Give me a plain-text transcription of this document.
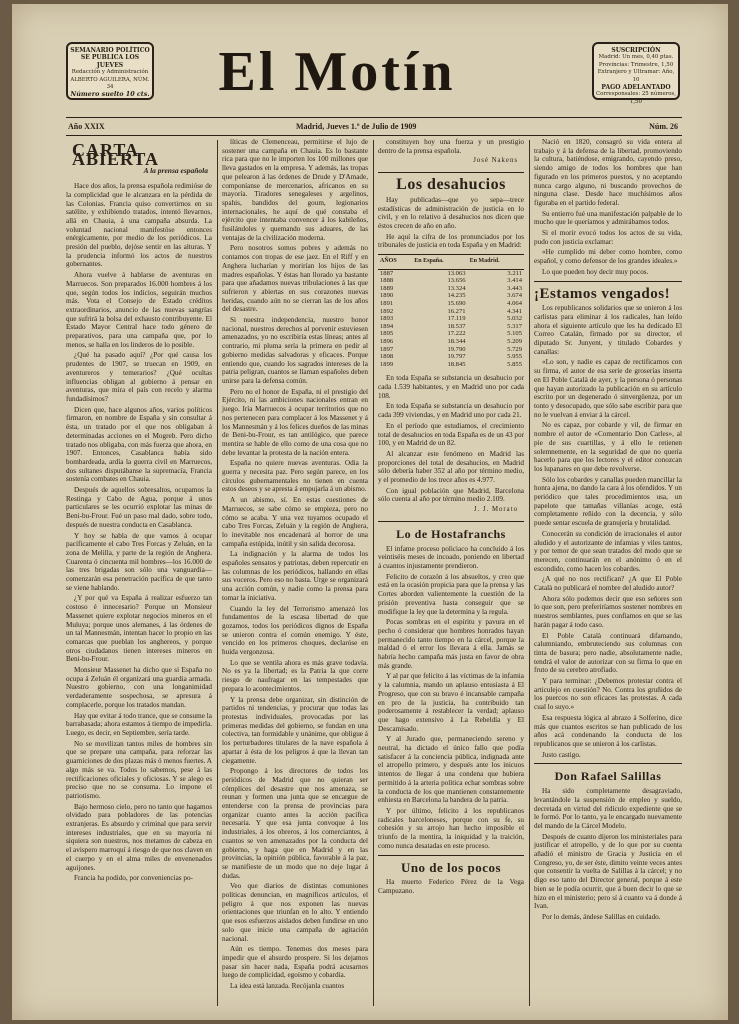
SEMANARIO POLÍTICO
SE PUBLICA LOS JUEVES
Redacción y Administración
ALBERTO AGUILERA, NÚM. 34
Número suelto 10 cts.	El Motín	SUSCRIPCIÓN
Madrid: Un mes, 0,40 ptas.
Provincias: Trimestre, 1,50
Extranjero y Ultramar: Año, 10
PAGO ADELANTADO
Corresponsales: 25 números, 1,50
Año XXIX	Madrid, Jueves 1.º de Julio de 1909	Núm. 26
CARTA ABIERTA
A la prensa española

Hace dos años, la prensa española redimióse de la complicidad que le alcanzara en la pérdida de las Colonias. Francia quiso convertirnos en su satélite, y exhibiendo tratados, intentó llevarnos, allá en Chauia, á una campaña absurda. La voluntad nacional manifestóse entonces enérgicamente, por medio de los periódicos. La presión del pueblo, dejóse sentir en las alturas. Y la prudencia informó los actos de nuestros gobernantes.

Ahora vuelve á hablarse de aventuras en Marruecos. Son preparados 16.000 hombres á los que, según todos los indicios, seguirán muchos más. Vota el Consejo de Estado créditos extraordinarios, anuncio de las nuevas sangrías que sufrirá la bolsa del exhausto contribuyente. El Estado Mayor Central hace todo género de preparativos, para una campaña que, por lo menos, se halla en los linderos de lo posible.

¿Qué ha pasado aquí? ¿Por qué causa los prudentes de 1907, se truecan en 1909, en aventureros y temerarios? ¿Qué ocultas influencias obligan al gobierno á pensar en aventuras, que mira el país con recelo y alarma fundadísimos?

Dicen que, hace algunos años, varios políticos firmaron, en nombre de España y sin consultar á ésta, un tratado por el que nos obligaban á determinadas acciones en el Mogreb. Pero dicho tratado nos obligaba, con más fuerza que ahora, en 1907. Entonces, Casablanca había sido bombardeada, ardía la guerra civil en Marruecos, dos sultanes disputábanse la supremacía, Francia sostenía combates en Chauia.

Después de aquellos sobresaltos, ocupamos la Restinga y Cabo de Agua, porque á unos particulares se les ocurrió explotar las minas de Beni-bu-Frour. Fué un paso mal dado, sobre todo, después de nuestra conducta en Casablanca.

Y hoy se habla de que vamos á ocupar pacíficamente el cabo Tres Forcas y Zeluán, en la zona de Melilla, y parte de la región de Anghera. Cuarenta ó cincuenta mil hombres—los 16.000 de las tres brigadas son sólo una vanguardia—comenzarán esa penetración pacífica de que tanto se viene hablando.

¿Y por qué va España á realizar esfuerzo tan costoso é innecesario? Porque un Monsieur Massenet quiere explotar negocios mineros en el Muluya; porque unos alemanes, á las órdenes de un tal Mannesmán, intentan hacer lo propio en las comarcas que pueblan los anghereos, y porque otros ciudadanos tienen intereses mineros en Beni-bu-Frour.

Monsieur Massenet ha dicho que si España no ocupa á Zeluán él organizará una guardia armada. Nuestro gobierno, con una longanimidad verdaderamente sospechosa, se apresura á complacerle, porque los tratados mandan.

Hay que evitar á todo trance, que se consume la barrabasada; ahora estamos á tiempo de impedirla. Luego, es decir, en Septiembre, sería tarde.

No se movilizan tantos miles de hombres sin que se prepare una campaña, para reforzar las guarniciones de dos plazas más ó menos fuertes. A algo más se va. Todos lo sabemos, pese á las rectificaciones oficiales y oficiosas. Y se alego es preciso que no se consuma. Lo impone el patriotismo.

Bajo hermoso cielo, pero no tanto que hagamos olvidado para pobladores de las potencias extranjeras. Es absurdo y criminal que para servir intereses industriales, que en su mayoría ni siquiera son nuestros, nos metamos de cabeza en el avispero marroquí á riesgo de que nos claven en el cuerpo y en el alma miles de envenenados aguijones.

Francia ha podido, por conveniencias po-

líticas de Clemenceau, permitirse el lujo de sostener una campaña en Chauia. Es lo bastante rica para que no le importen los 100 millones que lleva gastados en la empresa. Y además, las tropas que pelearon á las órdenes de Drude y D'Amade, componíanse de mercenarios, africanos en su mayoría. Tiradores senegaleses y argelinos, spahis, bandidos del goum, legionarios internacionales, he aquí de qué constaba el ejército que intentaba convencer á los kabileños, fusilándoles y quemando sus aduares, de las ventajas de la civilización moderna.

Pero nosotros somos pobres y además no contamos con tropas de ese jaez. En el Riff y en Anghera lucharían y morirían los hijos de las madres españolas. Y éstas han llorado ya bastante para que añadamos nuevas tribulaciones á las que sufrieron y abiertas en sus corazones nuevas heridas, cuando aún no se cierran las de los años del desastre.

Si nuestra independencia, nuestro honor nacional, nuestros derechos al porvenir estuviesen amenazados, yo no escribiría estas líneas; antes al contrario, mi pluma sería la primera en pedir al gobierno medidas salvadoras y eficaces. Porque entiendo que, cuando los sagrados intereses de la patria peligran, cuantos se llaman españoles deben unirse para la defensa común.

Pero no el honor de España, ni el prestigio del Ejército, ni las ambiciones nacionales entran en juego. Iría Marruecos á ocupar territorios que no nos pertenecen para complacer á los Massenet y á los Mannesmán y á los felices dueños de las minas de Beni-bu-Frour, es tan antilógico, que parece mentira se hable de ello como de una cosa que no debe levantar la protesta de la nación entera.

España no quiere nuevas aventuras. Odia la guerra y necesita paz. Pero según parece, en los círculos gubernamentales no tienen en cuenta estos deseos y se apresta á empujarla á un abismo.

A un abismo, sí. En estas cuestiones de Marruecos, se sabe cómo se empieza, pero no cómo se acaba. Y una vez tuyamos ocupado el cabo Tres Forcas, Zeluán y la región de Anghera, lo inevitable nos encadenará al horror de una campaña estúpida, inútil y sin salida decorosa.

La indignación y la alarma de todos los españoles sensatos y patriotas, deben repercutir en las columnas de los periódicos, hallando en ellas sus voceros. Pero eso no basta. Urge se organizará una acción común, y nadie como la prensa para tomar la iniciativa.

Cuando la ley del Terrorismo amenazó los fundamentos de la escasa libertad de que gozamos, todos los periódicos dignos de España se unieron contra el común enemigo. Y éste, vencido en los primeros choques, declaróse en huida vergonzosa.

Lo que se ventila ahora es más grave todavía. No es ya la libertad; es la Patria la que corre riesgo de naufragar en las tempestades que prepara lo acontecimientos.

Y la prensa debe organizar, sin distinción de partidos ni tendencias, y procurar que todas las protestas individuales, provocadas por las primeras medidas del gobierno, se fundan en una colectiva, tan formidable y unánime, que obligue á los perturbadores titulares de la nave española á apartar á ésta de los peligros á que la llevan tan ciegamente.

Propongo á los directores de todos los periódicos de Madrid que no quieran ser cómplices del desastre que nos amenaza, se reunan y formen una junta que se encargue de entenderse con la prensa de provincias para organizar cuanto antes la acción pacífica necesaria. Y que esa junta convoque á los industriales, á los obreros, á los comerciantes, á cuantos se ven amenazados por la conducta del gobierno, y haga que en Madrid y en las provincias, la opinión pública, favorable á la paz, se manifieste de un modo que no deje lugar á dudas.

Veo que diarios de distintas comuniones políticas denuncian, en magníficos artículos, el peligro á que nos exponen las nuevas orientaciones que triunfan en lo alto. Y entiendo que esos esfuerzos aislados deben fundirse en uno solo que inicie una campaña de agitación nacional.

Aún es tiempo. Tenemos dos meses para impedir que el absurdo prospere. Si los dejamos pasar sin hacer nada, España podrá acusarnos luego de complicidad, egoísmo y cobardía.

La idea está lanzada. Recójanla cuantos

constituyen hoy una fuerza y un prestigio dentro de la prensa española.

José Nakens
Los desahucios

Hay publicadas—que yo sepa—trece estadísticas de administración de justicia en lo civil, y en lo relativo á desahucios nos dicen que éstos crecen de año en año.

He aquí la cifra de los pronunciados por los tribunales de justicia en toda España y en Madrid:

AÑOS	En España.	En Madrid.
1887	13.063	3.211
1888	13.656	3.414
1889	13.324	3.443
1890	14.235	3.674
1891	15.690	4.064
1892	16.271	4.341
1893	17.119	5.032
1894	18.537	5.317
1895	17.222	5.105
1896	18.344	5.209
1897	19.790	5.729
1898	19.797	5.955
1899	18.845	5.855

En toda España se substancia un desahucio por cada 1.539 habitantes, y en Madrid uno por cada 108.

En toda España se substancia un desahucio por cada 399 viviendas, y en Madrid uno por cada 21.

En el período que estudiamos, el crecimiento total de desahucios en toda España es de un 43 por 100, y en Madrid de un 82.

Al alcanzar este fenómeno en Madrid las proporciones del total de desahucios, en Madrid sólo debería haber 352 al año por término medio, y el promedio de los trece años es 4.977.

Con igual población que Madrid, Barcelona sólo cuenta al año por término medio 2.109.

J. J. Morato
Lo de Hostafranchs

El infame proceso policiaco ha concluido á los veintiséis meses de incoado, poniendo en libertad á cuantos injustamente prendieron.

Felicito de corazón á los absueltos, y creo que está en la ocasión propicia para que la prensa y las Cortes aborden valientemente la cuestión de la prisión preventiva hasta conseguir que se modifique la ley que la determina y la regula.

Pocas sombras en el espíritu y pavura en el pecho ó considerar que hombres honrados hayan permanecido tanto tiempo en la cárcel, porque la maldad ó el error los llevara á ella. Jamás se habría hecho campaña más justa en favor de obra más grande.

Y al par que felicito á las víctimas de la infamia y la calumnia, mando un aplauso entusiasta á El Progreso, que con su bravo é incansable campaña en pro de la justicia, ha contribuido tan poderosamente á restablecer la verdad; aplauso que hago extensivo á La Rebeldía y El Descamisado.

Y al Jurado que, permaneciendo sereno y neutral, ha dictado el único fallo que podía satisfacer á la conciencia pública, indignada ante el atropello primero, y después ante los inicuos intentos de llegar á una condena que hubiera permitido á la arteria política echar sombras sobre la conducta de los que mantienen constantemente enhiesta en Barcelona la bandera de la patria.

Y por último, felicito á los republicanos radicales barceloneses, porque con su fe, su cohesión y su arrojo han hecho imposible el triunfo de la mentira, la iniquidad y la traición, como nunca desatadas en este proceso.

Uno de los pocos

Ha muerto Federico Pérez de la Vega Campuzano.

Nació en 1820, consagró su vida entera al trabajo y á la defensa de la libertad, promoviendo la cultura, batiéndose, emigrando, cayendo preso, siendo amigo de todos los hombres que han figurado en los primeros puestos, y no aceptando nunca cargo alguno, ni buscando provechos de ninguna clase. Desde hace muchísimos años figuraba en el partido federal.

Su entierro fué una manifestación palpable de lo mucho que le queríamos y admirábamos todos.

Si el morir evocó todos los actos de su vida, pudo con justicia exclamar:

«He cumplido mi deber como hombre, como español, y como defensor de los grandes ideales.»

Lo que pueden hoy decir muy pocos.

¡Estamos vengados!

Los republicanos solidarios que se unieron á los carlistas para eliminar á los radicales, han leído ahora el siguiente artículo que les ha dedicado El Correo Catalán, firmado por su director, el diputado Sr. Junyent, y titulado Cobardes y canallas:

«Lo son, y nadie es capaz de rectificarnos con su firma, el autor de esa serie de groserías inserta en El Poble Català de ayer, y la persona ó personas que hayan autorizado la publicación en su artículo escrito por un degenerado ó sinvergüenza, por un tonto y desocupado, que sólo sabe escribir para que no le vuelvan á enviar á la cárcel.

No es capaz, por cobarde y vil, de firmar en nombre el autor de «Comentario Don Carles», al pie de sus cuartillas, y á ello le retienen solemnemente, en la seguridad de que no quería hacerlo para que los lectores y el editor conozcan los lupanares en que debe revolverse.

Sólo los cobardes y canallas pueden mancillar la honra ajena, no dando la cara á los ofendidos. Y un periódico que tales procedimientos usa, un papelote que tamañas villanías acoge, está completamente reñido con la decencia, y sólo puede sentar escuela de granujería y brutalidad.

Conocerán su condición de irracionales el autor aludido y el autorizante de infamias y viles tantos, y por temor de que sean tratados del modo que se merecen, continuarán en el anónimo ó en el escondido, como hacen los cobardes.

¿A qué no nos rectifican? ¿A que El Poble Català no publicará el nombre del aludido autor?

Ahora sólo podemos decir que eso señores son lo que son, pero preferiríamos sostener nombres en nuestros semblantes, pues confiamos en que se las harán pagar á todo caso.

El Poble Català continuará difamando, calumniando, embruteciendo sus columnas con tinta de basura; pero nadie, absolutamente nadie, tendrá el valor de autorizar con su firma lo que en fruto de su cerebro atrofiado.

Y para terminar: ¿Debemos protestar contra el articulejo en cuestión? No. Contra los gruñidos de los puercos no son eficaces las protestas. A cada cual lo suyo.»

Esa respuesta lógica al abrazo á Solferino, dice más que cuantos escritos se han publicado de los años acá condenando la conducta de los republicanos que se unieron á los carlistas.

Justo castigo.

Don Rafael Salillas

Ha sido completamente desagraviado, levantándole la suspensión de empleo y sueldo, decretada en virtud del ridículo expediente que se le formó. Por lo tanto, ya le encargado nuevamente del mando de la Cárcel Modelo.

Después de cuanto dijeron los ministeriales para justificar el atropello, y de lo que por su cuenta añadió el ministro de Gracia y Justicia en el Congreso, yo, de ser éste, dimito veinte veces antes que consentir la vuelta de Salillas á la cárcel; y no digo eso tanto del Director general, porque á este bien se le podía ocurrir, que á buen decir lo que se hizo en el ministerio; pero sí á cuanto va á donde á Ivan.

Por lo demás, ándese Salillas en cuidado.
